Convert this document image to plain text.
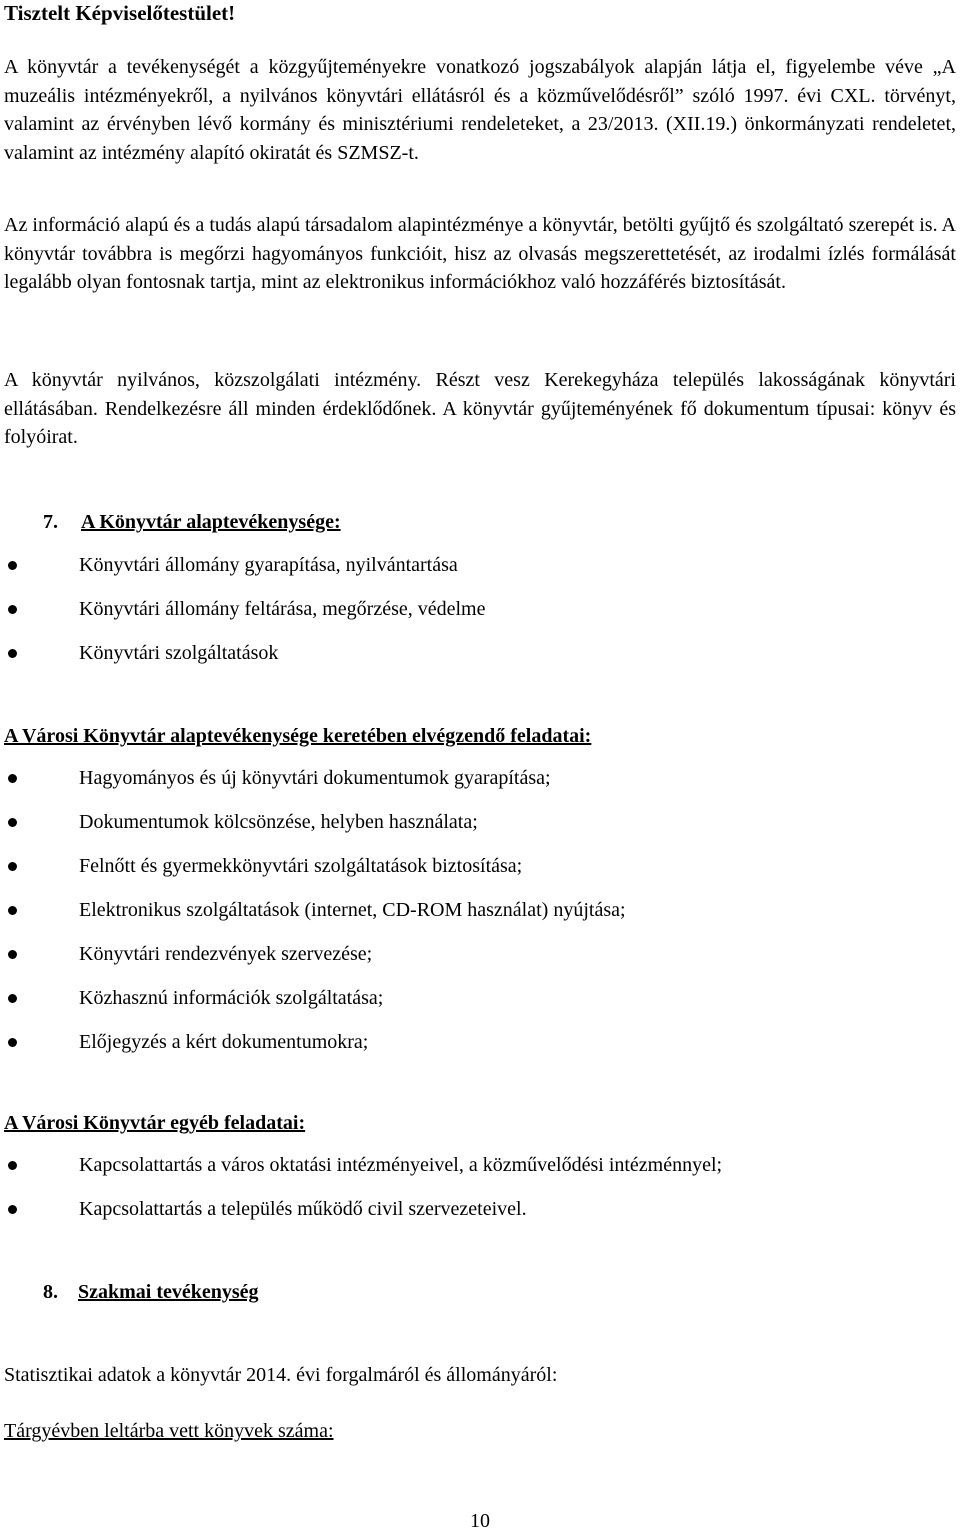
Tisztelt Képviselőtestület!

A könyvtár a tevékenységét a közgyűjteményekre vonatkozó jogszabályok alapján látja el, figyelembe véve „A muzeális intézményekről, a nyilvános könyvtári ellátásról és a közművelődésről” szóló 1997. évi CXL. törvényt, valamint az érvényben lévő kormány és minisztériumi rendeleteket, a 23/2013. (XII.19.) önkormányzati rendeletet, valamint az intézmény alapító okiratát és SZMSZ-t.

Az információ alapú és a tudás alapú társadalom alapintézménye a könyvtár, betölti gyűjtő és szolgáltató szerepét is. A könyvtár továbbra is megőrzi hagyományos funkcióit, hisz az olvasás megszerettetését, az irodalmi ízlés formálását legalább olyan fontosnak tartja, mint az elektronikus információkhoz való hozzáférés biztosítását.

A könyvtár nyilvános, közszolgálati intézmény. Részt vesz Kerekegyháza település lakosságának könyvtári ellátásában. Rendelkezésre áll minden érdeklődőnek. A könyvtár gyűjteményének fő dokumentum típusai: könyv és folyóirat.

7. A Könyvtár alaptevékenysége:

Könyvtári állomány gyarapítása, nyilvántartása
Könyvtári állomány feltárása, megőrzése, védelme
Könyvtári szolgáltatások

A Városi Könyvtár alaptevékenysége keretében elvégzendő feladatai:

Hagyományos és új könyvtári dokumentumok gyarapítása;
Dokumentumok kölcsönzése, helyben használata;
Felnőtt és gyermekkönyvtári szolgáltatások biztosítása;
Elektronikus szolgáltatások (internet, CD-ROM használat) nyújtása;
Könyvtári rendezvények szervezése;
Közhasznú információk szolgáltatása;
Előjegyzés a kért dokumentumokra;

A Városi Könyvtár egyéb feladatai:

Kapcsolattartás a város oktatási intézményeivel, a közművelődési intézménnyel;
Kapcsolattartás a település működő civil szervezeteivel.

8. Szakmai tevékenység

Statisztikai adatok a könyvtár 2014. évi forgalmáról és állományáról:

Tárgyévben leltárba vett könyvek száma:

10
